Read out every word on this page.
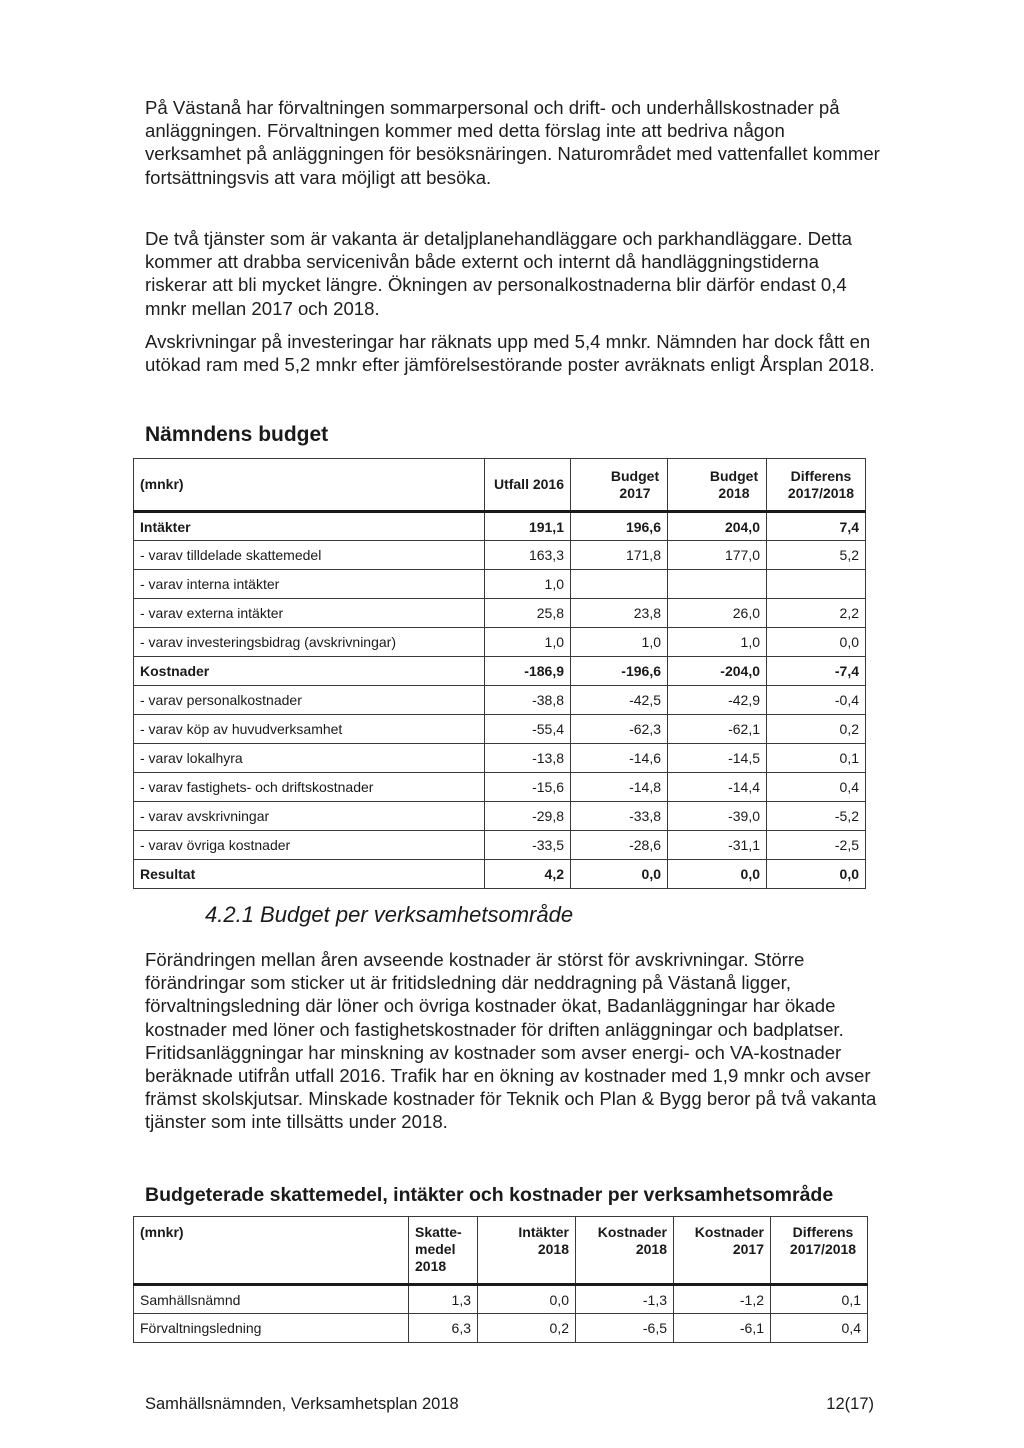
På Västanå har förvaltningen sommarpersonal och drift- och underhållskostnader på anläggningen. Förvaltningen kommer med detta förslag inte att bedriva någon verksamhet på anläggningen för besöksnäringen. Naturområdet med vattenfallet kommer fortsättningsvis att vara möjligt att besöka.

De två tjänster som är vakanta är detaljplanehandläggare och parkhandläggare. Detta kommer att drabba servicenivån både externt och internt då handläggningstiderna riskerar att bli mycket längre. Ökningen av personalkostnaderna blir därför endast 0,4 mnkr mellan 2017 och 2018.

Avskrivningar på investeringar har räknats upp med 5,4 mnkr. Nämnden har dock fått en utökad ram med 5,2 mnkr efter jämförelsestörande poster avräknats enligt Årsplan 2018.

Nämndens budget
(mnkr)	Utfall 2016	Budget 2017	Budget 2018	Differens 2017/2018
Intäkter	191,1	196,6	204,0	7,4
- varav tilldelade skattemedel	163,3	171,8	177,0	5,2
- varav interna intäkter	1,0			
- varav externa intäkter	25,8	23,8	26,0	2,2
- varav investeringsbidrag (avskrivningar)	1,0	1,0	1,0	0,0
Kostnader	-186,9	-196,6	-204,0	-7,4
- varav personalkostnader	-38,8	-42,5	-42,9	-0,4
- varav köp av huvudverksamhet	-55,4	-62,3	-62,1	0,2
- varav lokalhyra	-13,8	-14,6	-14,5	0,1
- varav fastighets- och driftskostnader	-15,6	-14,8	-14,4	0,4
- varav avskrivningar	-29,8	-33,8	-39,0	-5,2
- varav övriga kostnader	-33,5	-28,6	-31,1	-2,5
Resultat	4,2	0,0	0,0	0,0
4.2.1 Budget per verksamhetsområde

Förändringen mellan åren avseende kostnader är störst för avskrivningar. Större förändringar som sticker ut är fritidsledning där neddragning på Västanå ligger, förvaltningsledning där löner och övriga kostnader ökat, Badanläggningar har ökade kostnader med löner och fastighetskostnader för driften anläggningar och badplatser. Fritidsanläggningar har minskning av kostnader som avser energi- och VA-kostnader beräknade utifrån utfall 2016. Trafik har en ökning av kostnader med 1,9 mnkr och avser främst skolskjutsar. Minskade kostnader för Teknik och Plan & Bygg beror på två vakanta tjänster som inte tillsätts under 2018.

Budgeterade skattemedel, intäkter och kostnader per verksamhetsområde
(mnkr)	Skatte-medel 2018	Intäkter 2018	Kostnader 2018	Kostnader 2017	Differens 2017/2018
Samhällsnämnd	1,3	0,0	-1,3	-1,2	0,1
Förvaltningsledning	6,3	0,2	-6,5	-6,1	0,4
Samhällsnämnden, Verksamhetsplan 2018	12(17)
